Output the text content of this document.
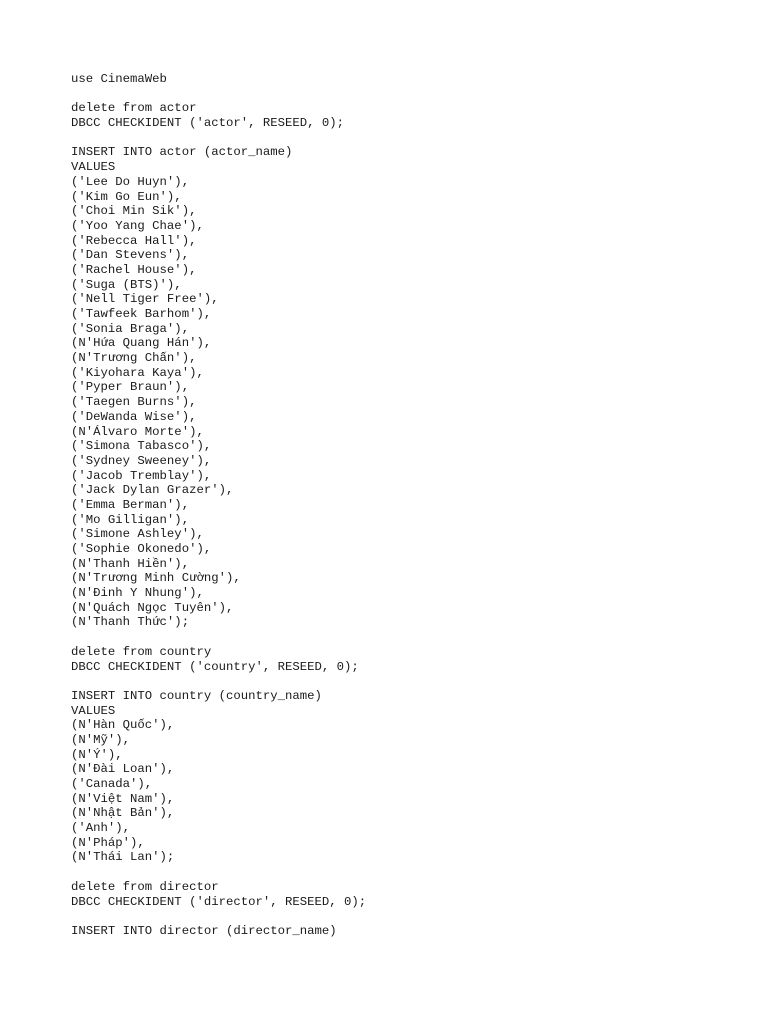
use CinemaWeb
delete from actor
DBCC CHECKIDENT ('actor', RESEED, 0);
INSERT INTO actor (actor_name)
VALUES
('Lee Do Huyn'),
('Kim Go Eun'),
('Choi Min Sik'),
('Yoo Yang Chae'),
('Rebecca Hall'),
('Dan Stevens'),
('Rachel House'),
('Suga (BTS)'),
('Nell Tiger Free'),
('Tawfeek Barhom'),
('Sonia Braga'),
(N'Hứa Quang Hán'),
(N'Trương Chấn'),
('Kiyohara Kaya'),
('Pyper Braun'),
('Taegen Burns'),
('DeWanda Wise'),
(N'Álvaro Morte'),
('Simona Tabasco'),
('Sydney Sweeney'),
('Jacob Tremblay'),
('Jack Dylan Grazer'),
('Emma Berman'),
('Mo Gilligan'),
('Simone Ashley'),
('Sophie Okonedo'),
(N'Thanh Hiền'),
(N'Trương Minh Cường'),
(N'Đinh Y Nhung'),
(N'Quách Ngọc Tuyên'),
(N'Thanh Thức');
delete from country
DBCC CHECKIDENT ('country', RESEED, 0);
INSERT INTO country (country_name)
VALUES
(N'Hàn Quốc'),
(N'Mỹ'),
(N'Ý'),
(N'Đài Loan'),
('Canada'),
(N'Việt Nam'),
(N'Nhật Bản'),
('Anh'),
(N'Pháp'),
(N'Thái Lan');
delete from director
DBCC CHECKIDENT ('director', RESEED, 0);
INSERT INTO director (director_name)
